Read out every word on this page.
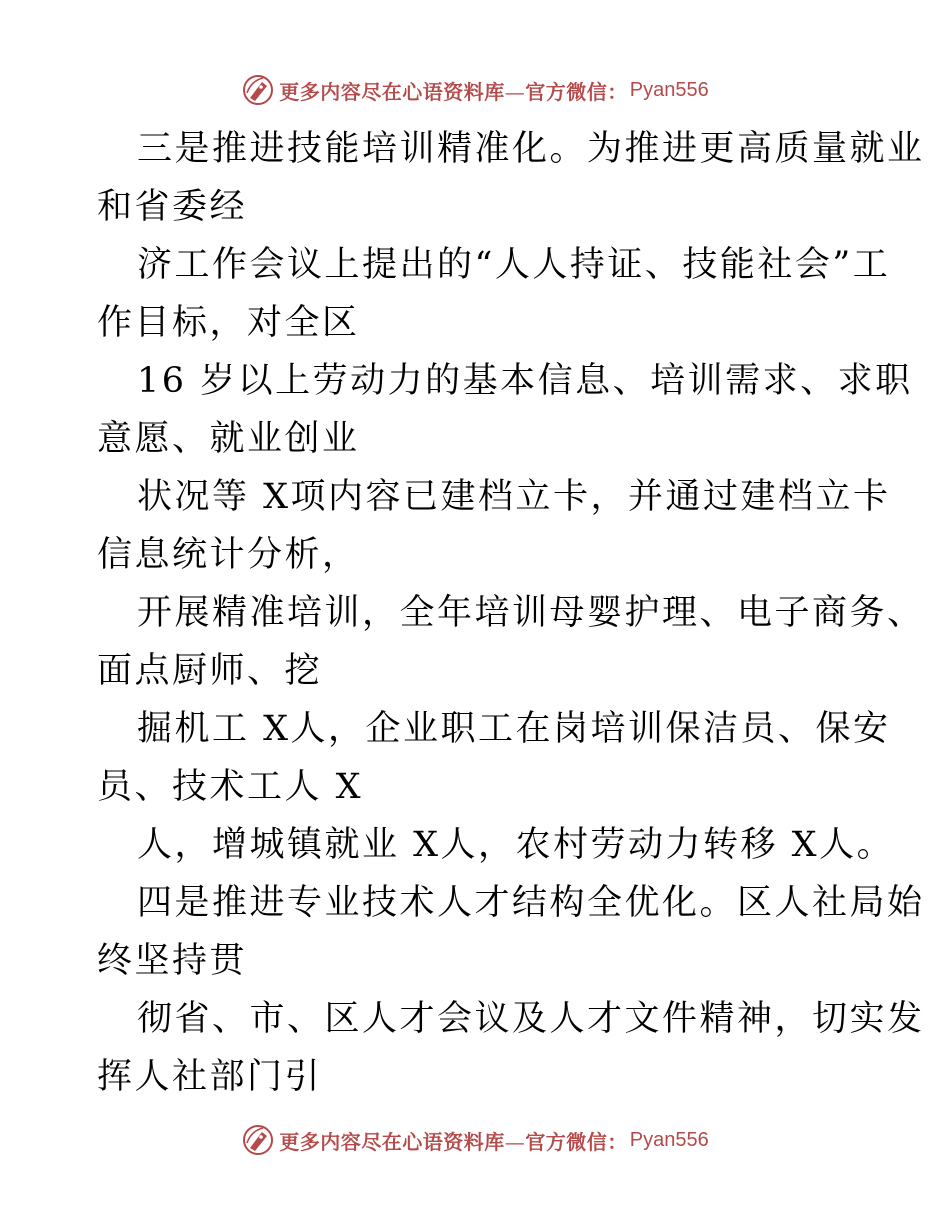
更多内容尽在心语资料库—官方微信： Pyan556
三是推进技能培训精准化。为推进更高质量就业
和省委经
济工作会议上提出的“人人持证、技能社会”工
作目标，对全区
16 岁以上劳动力的基本信息、培训需求、求职
意愿、就业创业
状况等 X项内容已建档立卡，并通过建档立卡
信息统计分析，
开展精准培训，全年培训母婴护理、电子商务、
面点厨师、挖
掘机工 X人，企业职工在岗培训保洁员、保安
员、技术工人 X
人，增城镇就业 X人，农村劳动力转移 X人。
四是推进专业技术人才结构全优化。区人社局始
终坚持贯
彻省、市、区人才会议及人才文件精神，切实发
挥人社部门引
更多内容尽在心语资料库—官方微信： Pyan556
